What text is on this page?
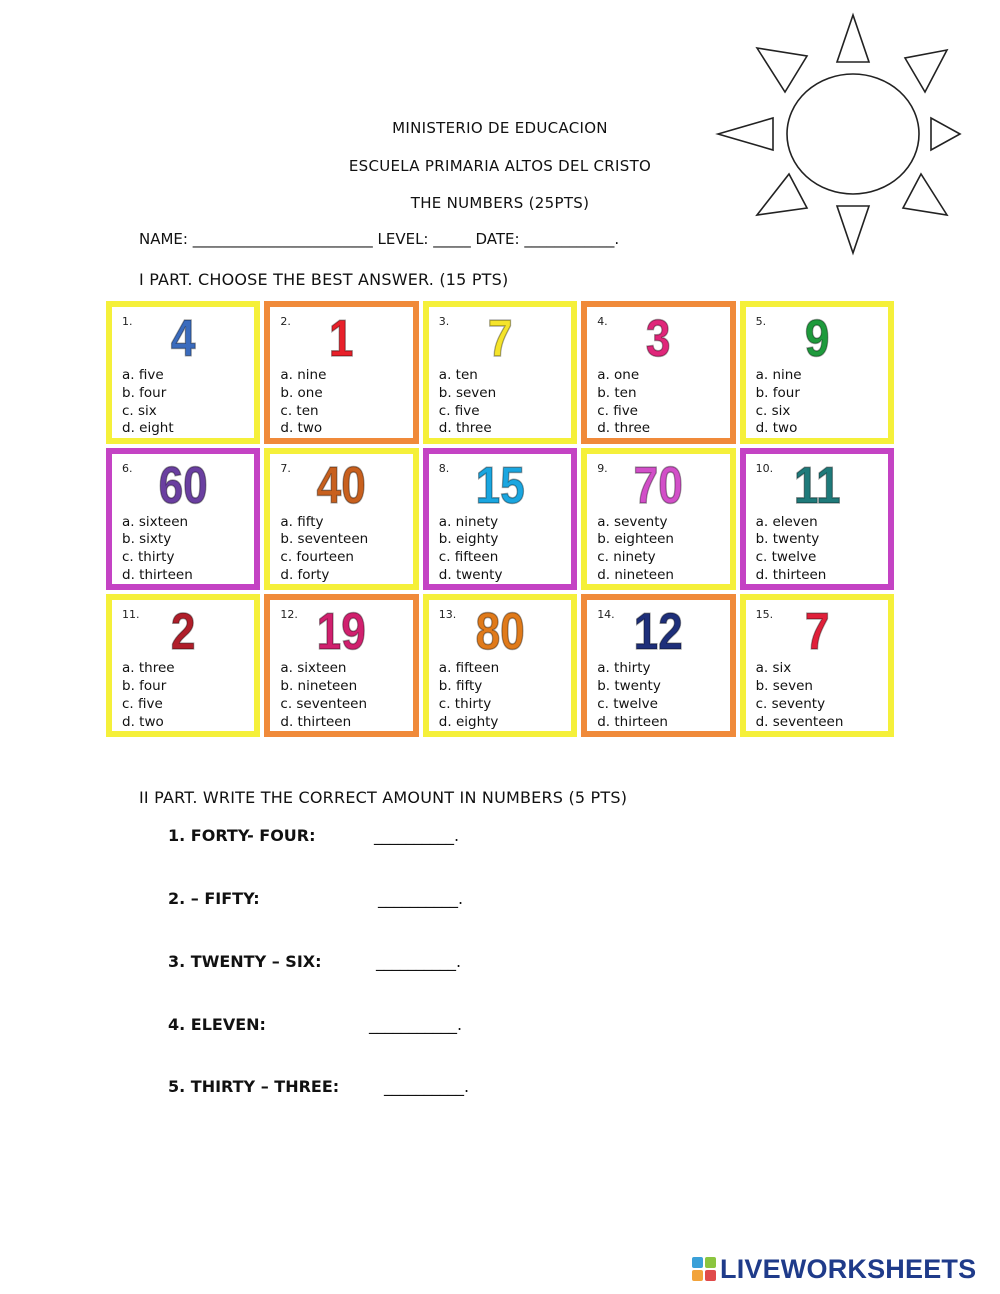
MINISTERIO DE EDUCACION
ESCUELA PRIMARIA ALTOS DEL CRISTO
THE NUMBERS (25PTS)
NAME: ________________________ LEVEL: _____ DATE: ____________.
I PART. CHOOSE THE BEST ANSWER. (15 PTS)
1. 4
a. five
b. four
c. six
d. eight
2. 1
a. nine
b. one
c. ten
d. two
3. 7
a. ten
b. seven
c. five
d. three
4. 3
a. one
b. ten
c. five
d. three
5. 9
a. nine
b. four
c. six
d. two
6. 60
a. sixteen
b. sixty
c. thirty
d. thirteen
7. 40
a. fifty
b. seventeen
c. fourteen
d. forty
8. 15
a. ninety
b. eighty
c. fifteen
d. twenty
9. 70
a. seventy
b. eighteen
c. ninety
d. nineteen
10. 11
a. eleven
b. twenty
c. twelve
d. thirteen
11. 2
a. three
b. four
c. five
d. two
12. 19
a. sixteen
b. nineteen
c. seventeen
d. thirteen
13. 80
a. fifteen
b. fifty
c. thirty
d. eighty
14. 12
a. thirty
b. twenty
c. twelve
d. thirteen
15. 7
a. six
b. seven
c. seventy
d. seventeen
II PART. WRITE THE CORRECT AMOUNT IN NUMBERS (5 PTS)
1. FORTY- FOUR:	__________.
2. – FIFTY:	__________.
3. TWENTY – SIX:	__________.
4. ELEVEN:	___________.
5. THIRTY – THREE:	__________.
LIVEWORKSHEETS
